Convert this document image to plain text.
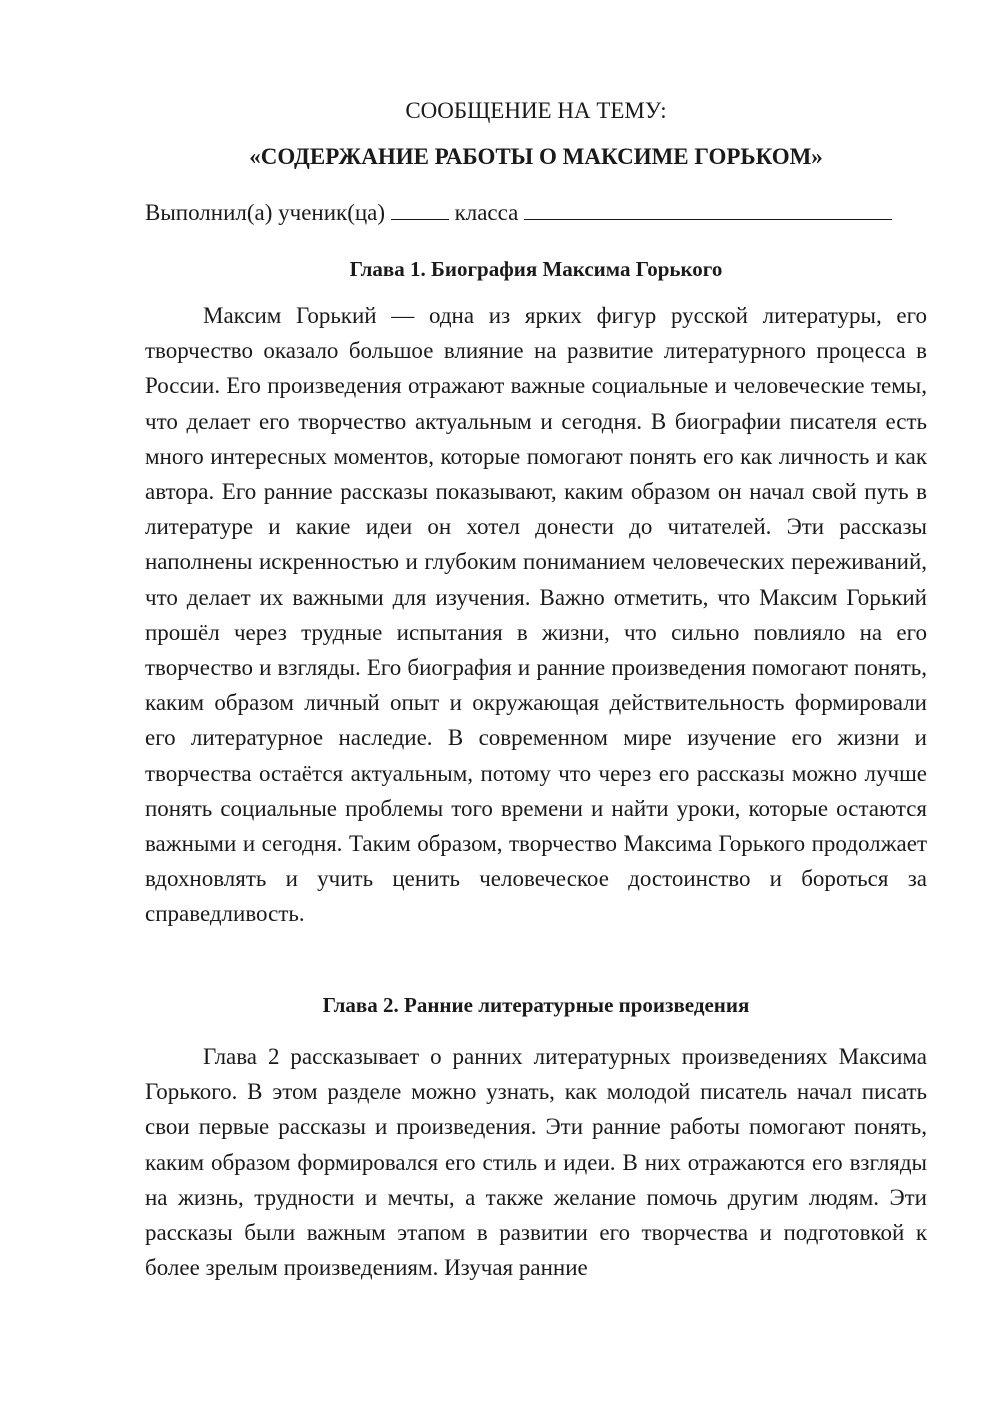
СООБЩЕНИЕ НА ТЕМУ:

«СОДЕРЖАНИЕ РАБОТЫ О МАКСИМЕ ГОРЬКОМ»

Выполнил(а) ученик(ца)	класса
Глава 1. Биография Максима Горького

Максим Горький — одна из ярких фигур русской литературы, его творчество оказало большое влияние на развитие литературного процесса в России. Его произведения отражают важные социальные и человеческие темы, что делает его творчество актуальным и сегодня. В биографии писателя есть много интересных моментов, которые помогают понять его как личность и как автора. Его ранние рассказы показывают, каким образом он начал свой путь в литературе и какие идеи он хотел донести до читателей. Эти рассказы наполнены искренностью и глубоким пониманием человеческих переживаний, что делает их важными для изучения. Важно отметить, что Максим Горький прошёл через трудные испытания в жизни, что сильно повлияло на его творчество и взгляды. Его биография и ранние произведения помогают понять, каким образом личный опыт и окружающая действительность формировали его литературное наследие. В современном мире изучение его жизни и творчества остаётся актуальным, потому что через его рассказы можно лучше понять социальные проблемы того времени и найти уроки, которые остаются важными и сегодня. Таким образом, творчество Максима Горького продолжает вдохновлять и учить ценить человеческое достоинство и бороться за справедливость.

Глава 2. Ранние литературные произведения

Глава 2 рассказывает о ранних литературных произведениях Максима Горького. В этом разделе можно узнать, как молодой писатель начал писать свои первые рассказы и произведения. Эти ранние работы помогают понять, каким образом формировался его стиль и идеи. В них отражаются его взгляды на жизнь, трудности и мечты, а также желание помочь другим людям. Эти рассказы были важным этапом в развитии его творчества и подготовкой к более зрелым произведениям. Изучая ранние
